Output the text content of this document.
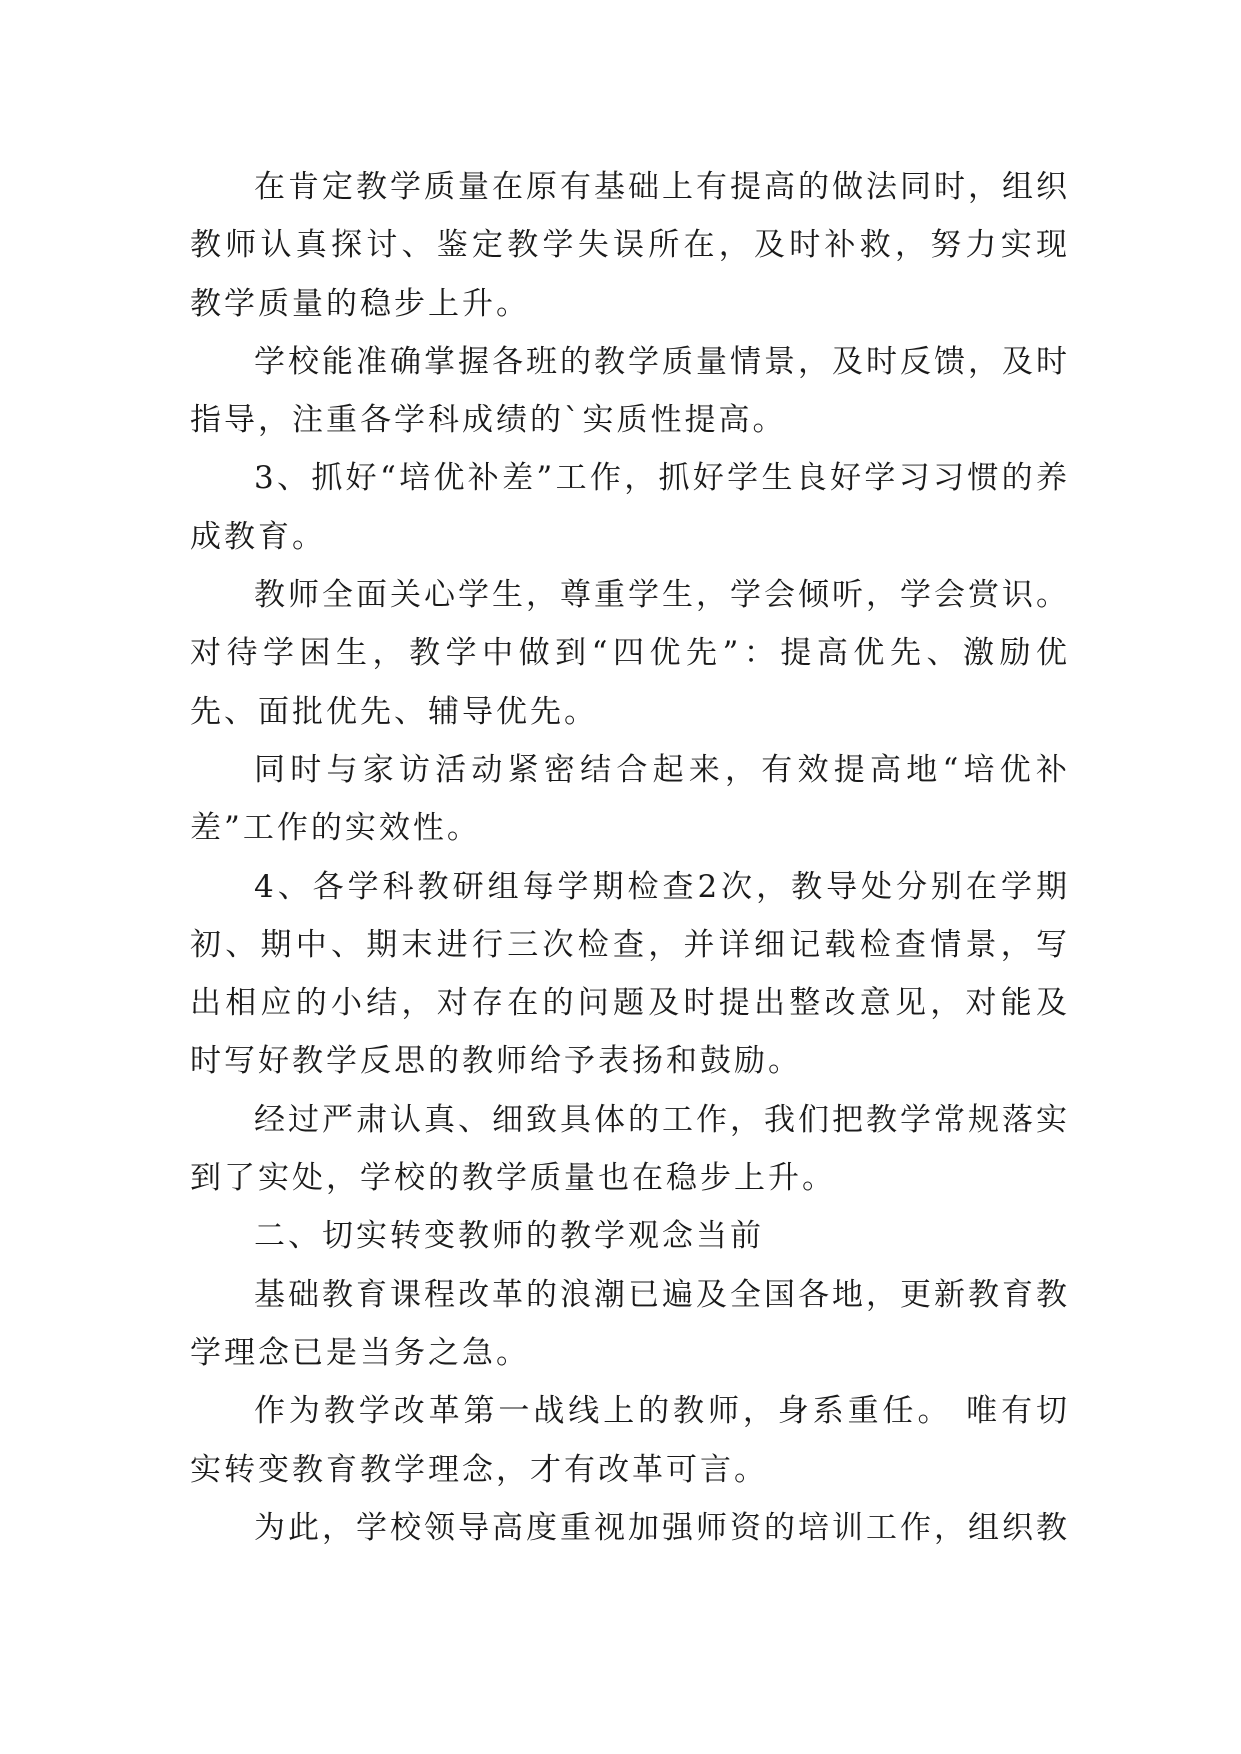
在肯定教学质量在原有基础上有提高的做法同时，组织教师认真探讨、鉴定教学失误所在，及时补救，努力实现教学质量的稳步上升。

学校能准确掌握各班的教学质量情景，及时反馈，及时指导，注重各学科成绩的`实质性提高。

3、抓好“培优补差”工作，抓好学生良好学习习惯的养成教育。

教师全面关心学生，尊重学生，学会倾听，学会赏识。对待学困生，教学中做到“四优先”：提高优先、激励优先、面批优先、辅导优先。

同时与家访活动紧密结合起来，有效提高地“培优补差”工作的实效性。

4、各学科教研组每学期检查2次，教导处分别在学期初、期中、期末进行三次检查，并详细记载检查情景，写出相应的小结，对存在的问题及时提出整改意见，对能及时写好教学反思的教师给予表扬和鼓励。

经过严肃认真、细致具体的工作，我们把教学常规落实到了实处，学校的教学质量也在稳步上升。

二、切实转变教师的教学观念当前

基础教育课程改革的浪潮已遍及全国各地，更新教育教学理念已是当务之急。

作为教学改革第一战线上的教师，身系重任。 唯有切实转变教育教学理念，才有改革可言。

为此，学校领导高度重视加强师资的培训工作，组织教
